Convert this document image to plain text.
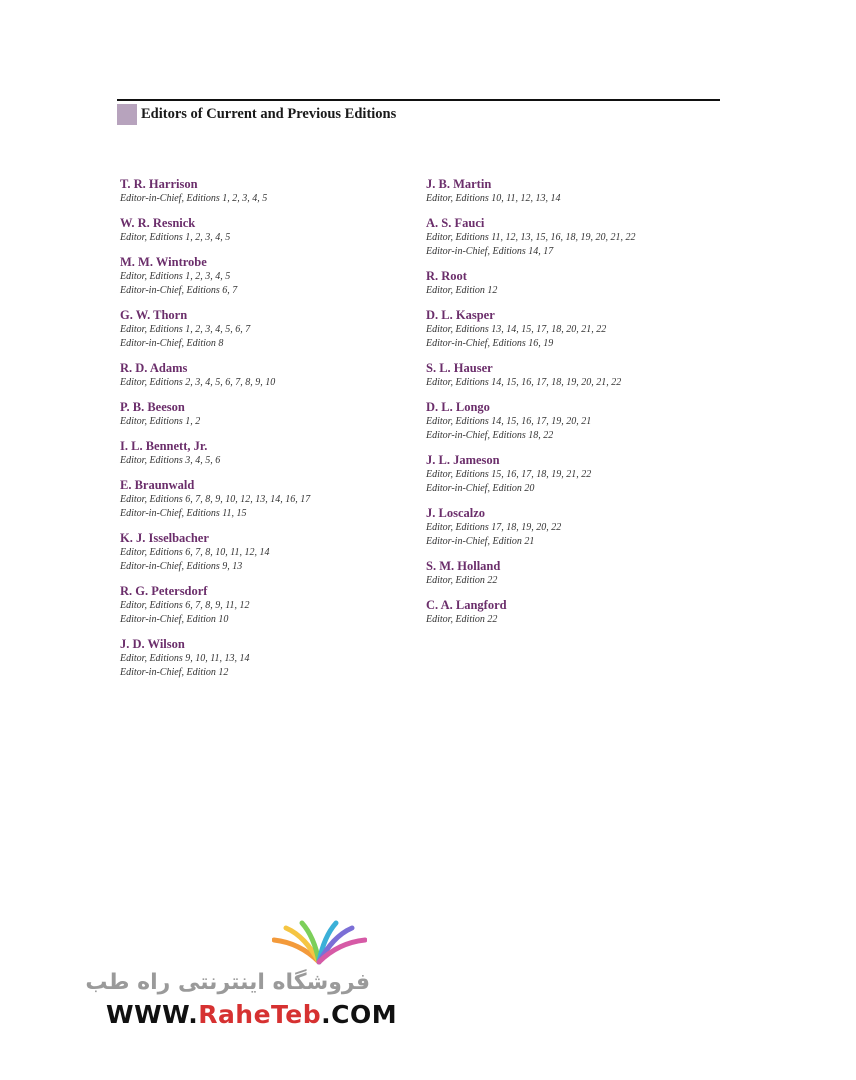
Editors of Current and Previous Editions
T. R. Harrison
Editor-in-Chief, Editions 1, 2, 3, 4, 5
W. R. Resnick
Editor, Editions 1, 2, 3, 4, 5
M. M. Wintrobe
Editor, Editions 1, 2, 3, 4, 5
Editor-in-Chief, Editions 6, 7
G. W. Thorn
Editor, Editions 1, 2, 3, 4, 5, 6, 7
Editor-in-Chief, Edition 8
R. D. Adams
Editor, Editions 2, 3, 4, 5, 6, 7, 8, 9, 10
P. B. Beeson
Editor, Editions 1, 2
I. L. Bennett, Jr.
Editor, Editions 3, 4, 5, 6
E. Braunwald
Editor, Editions 6, 7, 8, 9, 10, 12, 13, 14, 16, 17
Editor-in-Chief, Editions 11, 15
K. J. Isselbacher
Editor, Editions 6, 7, 8, 10, 11, 12, 14
Editor-in-Chief, Editions 9, 13
R. G. Petersdorf
Editor, Editions 6, 7, 8, 9, 11, 12
Editor-in-Chief, Edition 10
J. D. Wilson
Editor, Editions 9, 10, 11, 13, 14
Editor-in-Chief, Edition 12
J. B. Martin
Editor, Editions 10, 11, 12, 13, 14
A. S. Fauci
Editor, Editions 11, 12, 13, 15, 16, 18, 19, 20, 21, 22
Editor-in-Chief, Editions 14, 17
R. Root
Editor, Edition 12
D. L. Kasper
Editor, Editions 13, 14, 15, 17, 18, 20, 21, 22
Editor-in-Chief, Editions 16, 19
S. L. Hauser
Editor, Editions 14, 15, 16, 17, 18, 19, 20, 21, 22
D. L. Longo
Editor, Editions 14, 15, 16, 17, 19, 20, 21
Editor-in-Chief, Editions 18, 22
J. L. Jameson
Editor, Editions 15, 16, 17, 18, 19, 21, 22
Editor-in-Chief, Edition 20
J. Loscalzo
Editor, Editions 17, 18, 19, 20, 22
Editor-in-Chief, Edition 21
S. M. Holland
Editor, Edition 22
C. A. Langford
Editor, Edition 22
فروشگاه اینترنتی راه طب
WWW.RaheTeb.COM
